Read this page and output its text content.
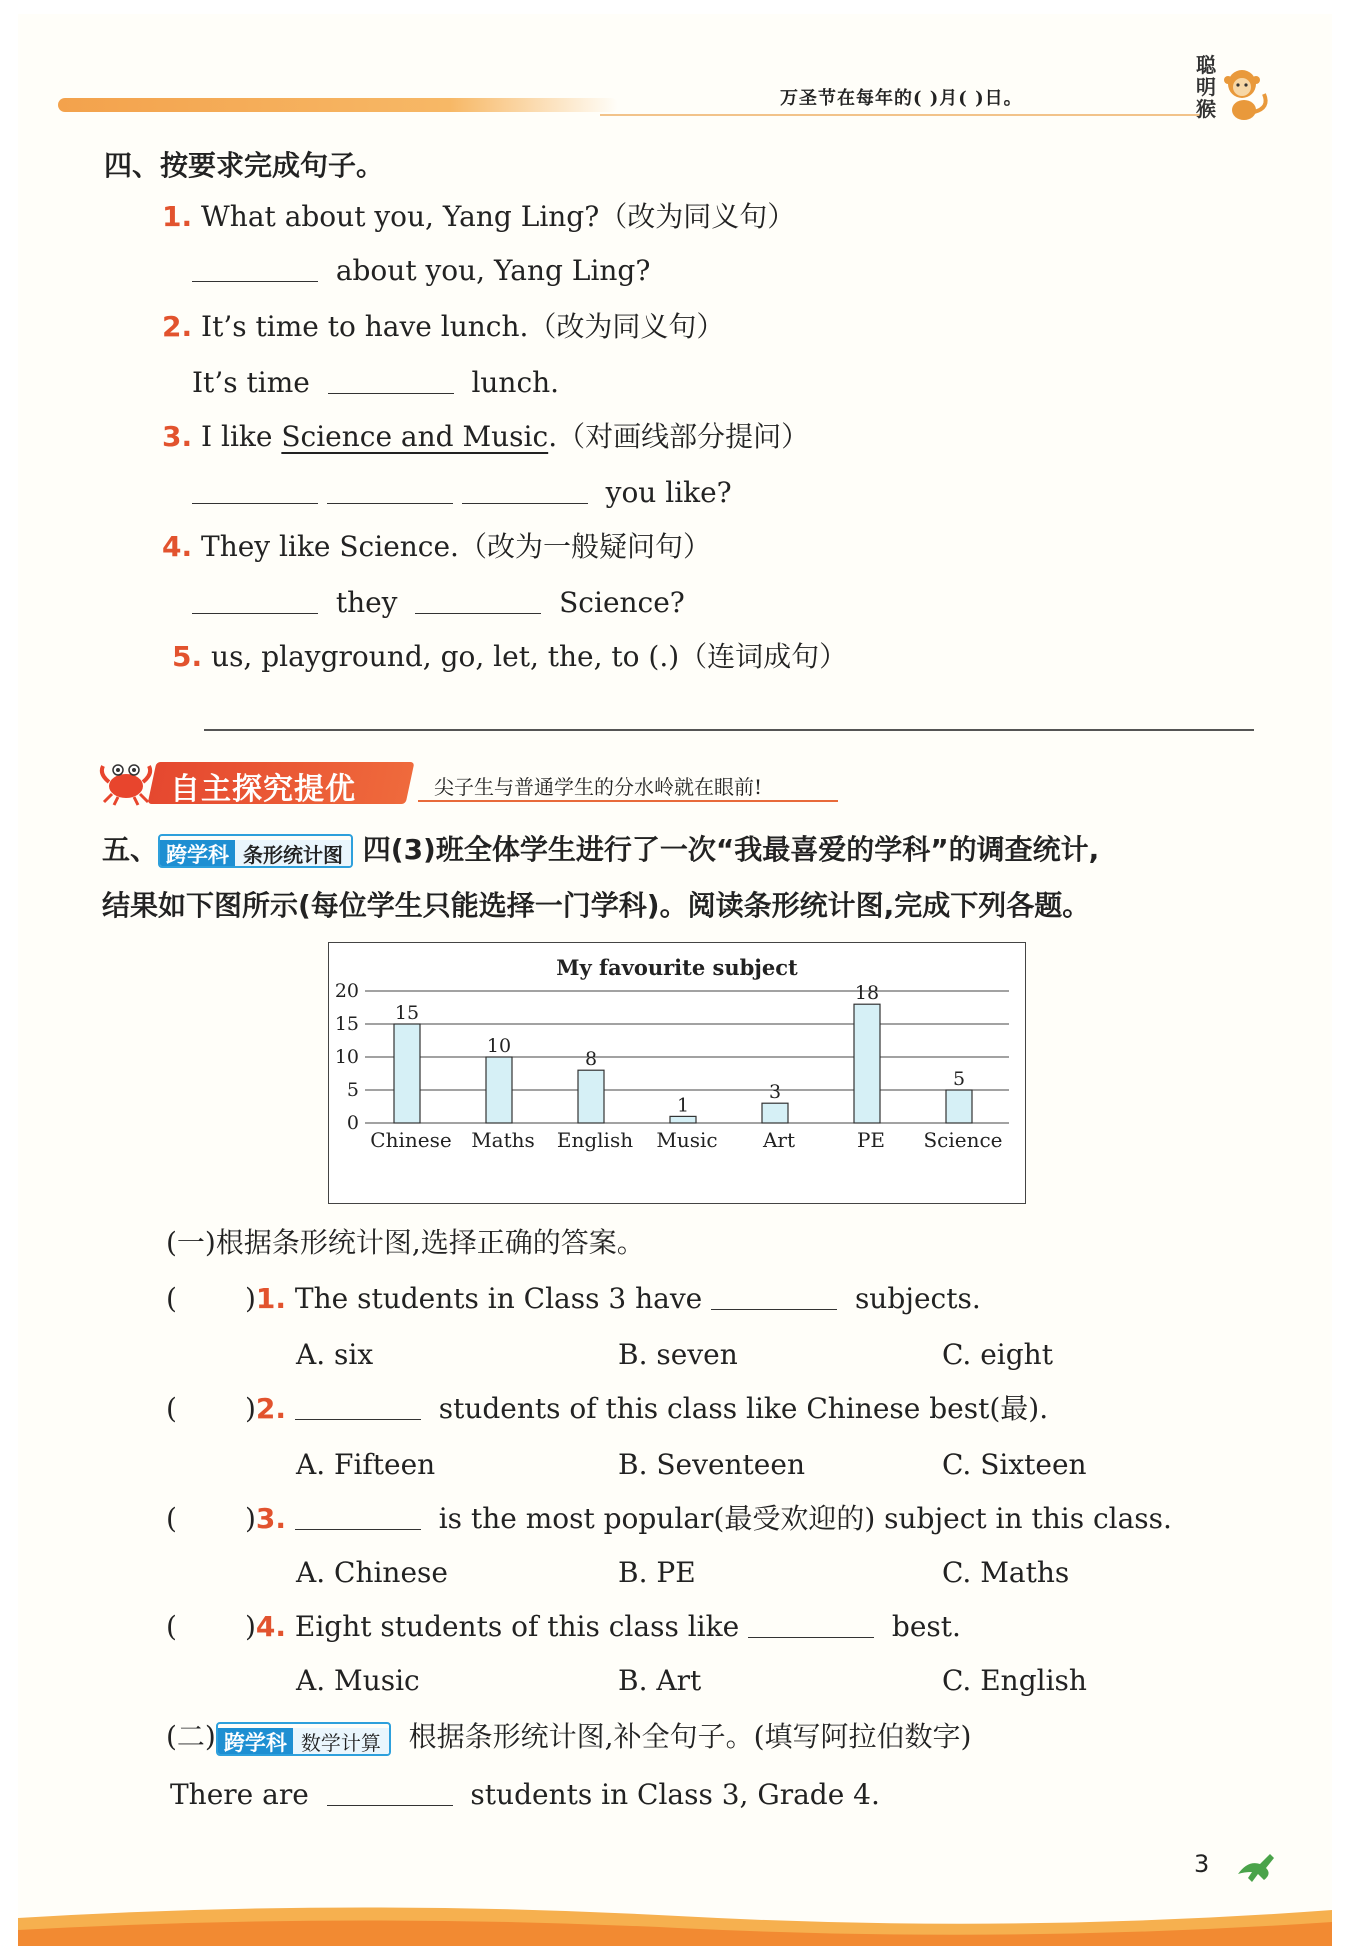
万圣节在每年的( )月( )日。
聪明猴
四、按要求完成句子。
1. What about you, Yang Ling?（改为同义句）
about you, Yang Ling?
2. It’s time to have lunch.（改为同义句）
It’s time	lunch.
3. I like Science and Music.（对画线部分提问）
you like?
4. They like Science.（改为一般疑问句）
they	Science?
5. us, playground, go, let, the, to (.)（连词成句）
自主探究提优	尖子生与普通学生的分水岭就在眼前!
五、 跨学科 条形统计图 四(3)班全体学生进行了一次“我最喜爱的学科”的调查统计,
结果如下图所示(每位学生只能选择一门学科)。阅读条形统计图,完成下列各题。
My favourite subject
0
5
10
15
20
15
Chinese
10
Maths
8
English
1
Music
3
Art
18
PE
5
Science
(一)根据条形统计图,选择正确的答案。
( )1. The students in Class 3 have	subjects.
A. six	B. seven	C. eight
( )2.	students of this class like Chinese best(最).
A. Fifteen	B. Seventeen	C. Sixteen
( )3.	is the most popular(最受欢迎的) subject in this class.
A. Chinese	B. PE	C. Maths
( )4. Eight students of this class like	best.
A. Music	B. Art	C. English
(二) 跨学科 数学计算 根据条形统计图,补全句子。(填写阿拉伯数字)
There are	students in Class 3, Grade 4.
3
